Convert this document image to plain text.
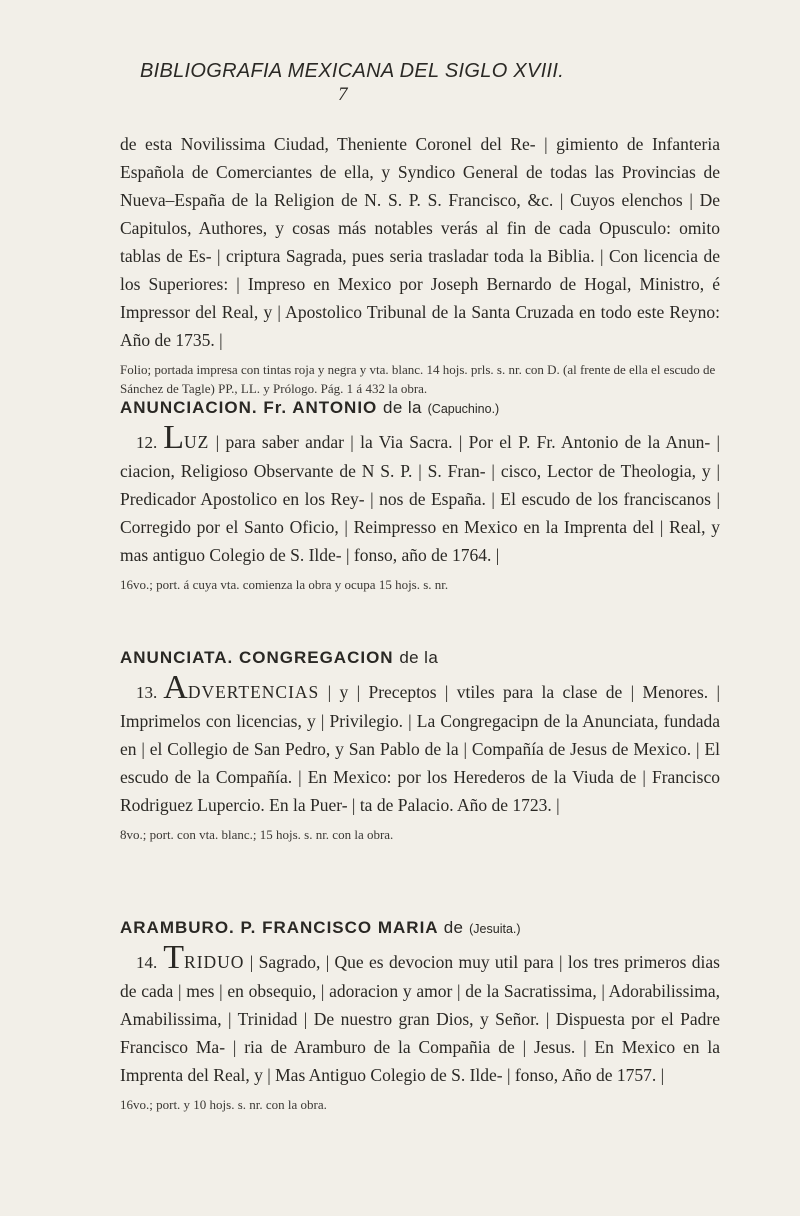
BIBLIOGRAFIA MEXICANA DEL SIGLO XVIII.
7

de esta Novilissima Ciudad, Theniente Coronel del Re- | gimiento de Infanteria Española de Comerciantes de ella, y Syndico General de todas las Provincias de Nueva–España de la Religion de N. S. P. S. Francisco, &c. | Cuyos elenchos | De Capitulos, Authores, y cosas más notables verás al fin de cada Opusculo: omito tablas de Es- | criptura Sagrada, pues seria trasladar toda la Biblia. | Con licencia de los Superiores: | Impreso en Mexico por Joseph Bernardo de Hogal, Ministro, é Impressor del Real, y | Apostolico Tribunal de la Santa Cruzada en todo este Reyno: Año de 1735. |

Folio; portada impresa con tintas roja y negra y vta. blanc. 14 hojs. prls. s. nr. con D. (al frente de ella el escudo de Sánchez de Tagle) PP., LL. y Prólogo. Pág. 1 á 432 la obra.

ANUNCIACION. Fr. ANTONIO de la (Capuchino.)

12. LUZ | para saber andar | la Via Sacra. | Por el P. Fr. Antonio de la Anun- | ciacion, Religioso Observante de N S. P. | S. Fran- | cisco, Lector de Theologia, y | Predicador Apostolico en los Rey- | nos de España. | El escudo de los franciscanos | Corregido por el Santo Oficio, | Reimpresso en Mexico en la Imprenta del | Real, y mas antiguo Colegio de S. Ilde- | fonso, año de 1764. |

16vo.; port. á cuya vta. comienza la obra y ocupa 15 hojs. s. nr.

ANUNCIATA. CONGREGACION de la

13. ADVERTENCIAS | y | Preceptos | vtiles para la clase de | Menores. | Imprimelos con licencias, y | Privilegio. | La Congregacipn de la Anunciata, fundada en | el Collegio de San Pedro, y San Pablo de la | Compañía de Jesus de Mexico. | El escudo de la Compañía. | En Mexico: por los Herederos de la Viuda de | Francisco Rodriguez Lupercio. En la Puer- | ta de Palacio. Año de 1723. |

8vo.; port. con vta. blanc.; 15 hojs. s. nr. con la obra.

ARAMBURO. P. FRANCISCO MARIA de (Jesuita.)

14. TRIDUO | Sagrado, | Que es devocion muy util para | los tres primeros dias de cada | mes | en obsequio, | adoracion y amor | de la Sacratissima, | Adorabilissima, Amabilissima, | Trinidad | De nuestro gran Dios, y Señor. | Dispuesta por el Padre Francisco Ma- | ria de Aramburo de la Compañia de | Jesus. | En Mexico en la Imprenta del Real, y | Mas Antiguo Colegio de S. Ilde- | fonso, Año de 1757. |

16vo.; port. y 10 hojs. s. nr. con la obra.
